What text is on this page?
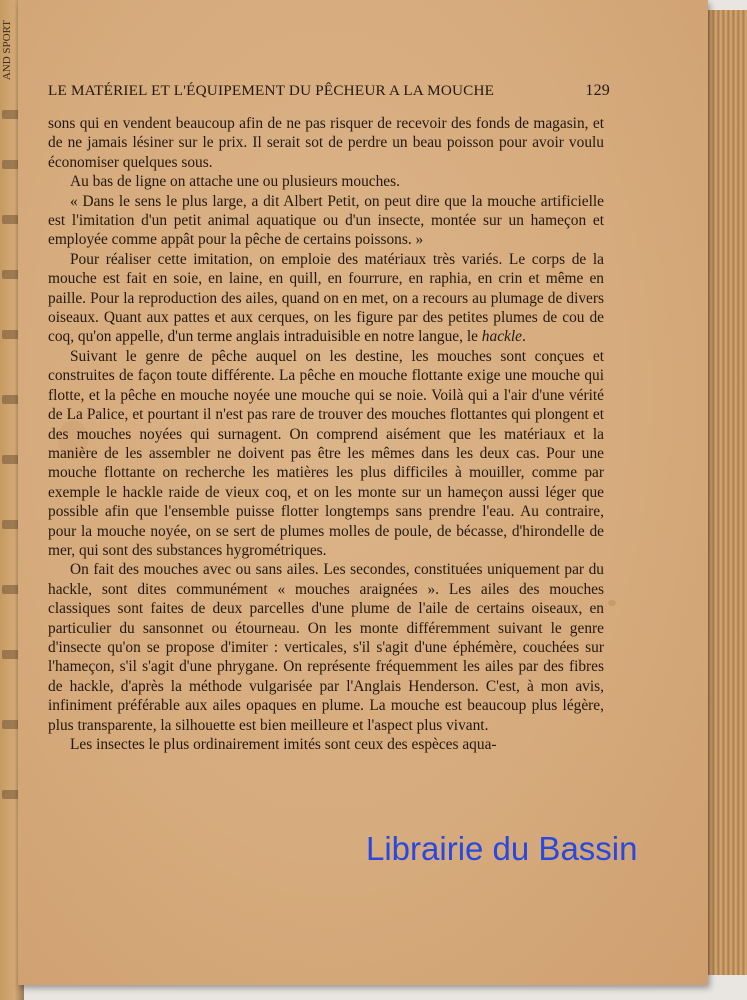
AND SPORT
LE MATÉRIEL ET L'ÉQUIPEMENT DU PÊCHEUR A LA MOUCHE	129

sons qui en vendent beaucoup afin de ne pas risquer de recevoir des fonds de magasin, et de ne jamais lésiner sur le prix. Il serait sot de perdre un beau poisson pour avoir voulu économiser quelques sous.

Au bas de ligne on attache une ou plusieurs mouches.

« Dans le sens le plus large, a dit Albert Petit, on peut dire que la mouche artificielle est l'imitation d'un petit animal aquatique ou d'un insecte, montée sur un hameçon et employée comme appât pour la pêche de certains poissons. »

Pour réaliser cette imitation, on emploie des matériaux très variés. Le corps de la mouche est fait en soie, en laine, en quill, en fourrure, en raphia, en crin et même en paille. Pour la reproduction des ailes, quand on en met, on a recours au plumage de divers oiseaux. Quant aux pattes et aux cerques, on les figure par des petites plumes de cou de coq, qu'on appelle, d'un terme anglais intraduisible en notre langue, le hackle.

Suivant le genre de pêche auquel on les destine, les mouches sont conçues et construites de façon toute différente. La pêche en mouche flottante exige une mouche qui flotte, et la pêche en mouche noyée une mouche qui se noie. Voilà qui a l'air d'une vérité de La Palice, et pourtant il n'est pas rare de trouver des mouches flottantes qui plongent et des mouches noyées qui surnagent. On comprend aisément que les matériaux et la manière de les assembler ne doivent pas être les mêmes dans les deux cas. Pour une mouche flottante on recherche les matières les plus difficiles à mouiller, comme par exemple le hackle raide de vieux coq, et on les monte sur un hameçon aussi léger que possible afin que l'ensemble puisse flotter longtemps sans prendre l'eau. Au contraire, pour la mouche noyée, on se sert de plumes molles de poule, de bécasse, d'hirondelle de mer, qui sont des substances hygrométriques.

On fait des mouches avec ou sans ailes. Les secondes, constituées uniquement par du hackle, sont dites communément « mouches araignées ». Les ailes des mouches classiques sont faites de deux parcelles d'une plume de l'aile de certains oiseaux, en particulier du sansonnet ou étourneau. On les monte différemment suivant le genre d'insecte qu'on se propose d'imiter : verticales, s'il s'agit d'une éphémère, couchées sur l'hameçon, s'il s'agit d'une phrygane. On représente fréquemment les ailes par des fibres de hackle, d'après la méthode vulgarisée par l'Anglais Henderson. C'est, à mon avis, infiniment préférable aux ailes opaques en plume. La mouche est beaucoup plus légère, plus transparente, la silhouette est bien meilleure et l'aspect plus vivant.

Les insectes le plus ordinairement imités sont ceux des espèces aqua-

Librairie du Bassin
